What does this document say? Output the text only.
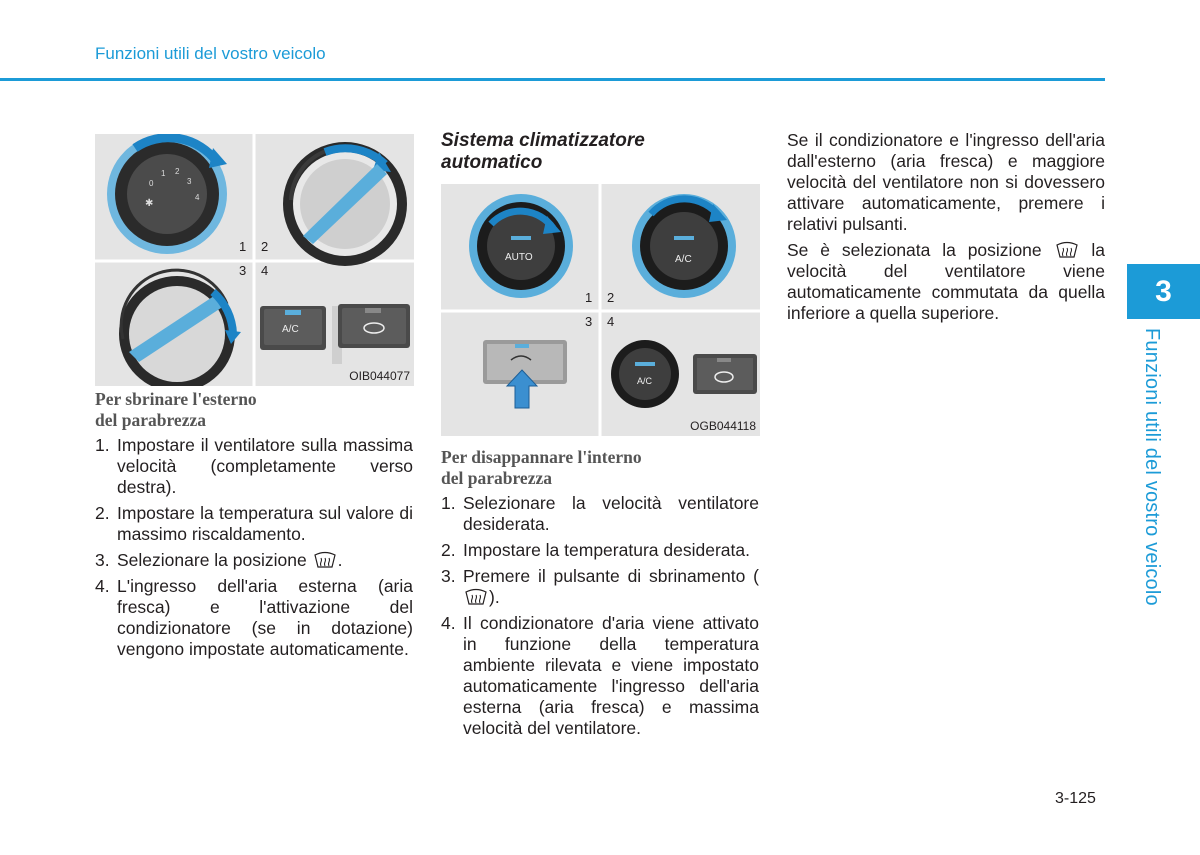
Funzioni utili del vostro veicolo
3
Funzioni utili del vostro veicolo
0
1 2
3
4
✱
1 2
3 4
A/C
OIB044077
AUTO	A/C
1 2
3 4
A/C
OGB044118
Per sbrinare l'esterno
del parabrezza
1. Impostare il ventilatore sulla massima velocità (completamente verso destra).
2. Impostare la temperatura sul valore di massimo riscaldamento.
3. Selezionare la posizione .
4. L'ingresso dell'aria esterna (aria fresca) e l'attivazione del condizionatore (se in dotazione) vengono impostate automaticamente.
Sistema climatizzatore
automatico
Per disappannare l'interno
del parabrezza
1. Selezionare la velocità ventilatore desiderata.
2. Impostare la temperatura desiderata.
3. Premere il pulsante di sbrinamento (
).
4. Il condizionatore d'aria viene attivato in funzione della temperatura ambiente rilevata e viene impostato automaticamente l'ingresso dell'aria esterna (aria fresca) e massima velocità del ventilatore.

Se il condizionatore e l'ingresso dell'aria dall'esterno (aria fresca) e maggiore velocità del ventilatore non si dovessero attivare automaticamente, premere i relativi pulsanti.

Se è selezionata la posizione	la velocità del ventilatore viene automaticamente commutata da quella inferiore a quella superiore.

3-125
